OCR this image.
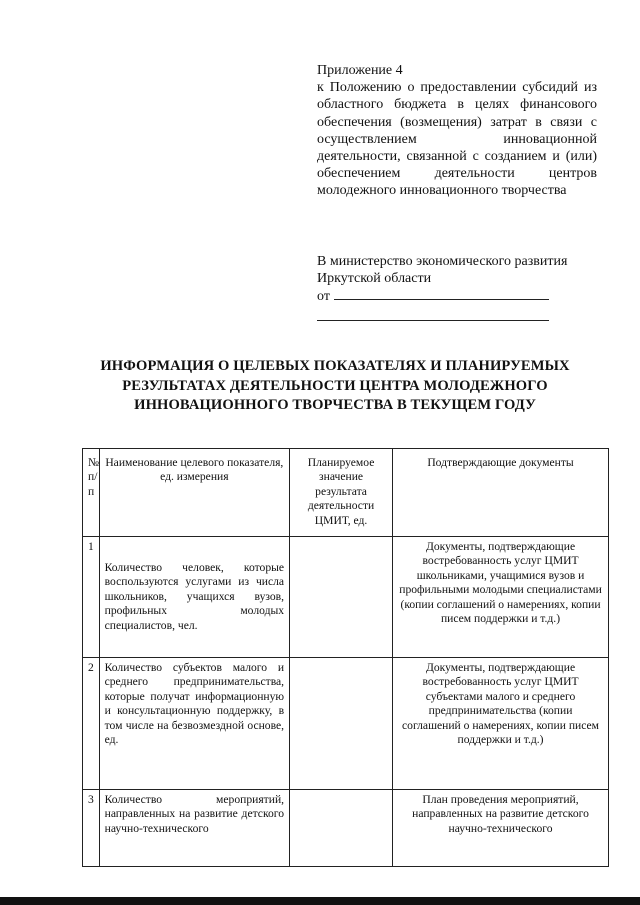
Приложение 4
к Положению о предоставлении субсидий из областного бюджета в целях финансового обеспечения (возмещения) затрат в связи с осуществлением инновационной деятельности, связанной с созданием и (или) обеспечением деятельности центров молодежного инновационного творчества
В министерство экономического развития
Иркутской области
от
ИНФОРМАЦИЯ О ЦЕЛЕВЫХ ПОКАЗАТЕЛЯХ И ПЛАНИРУЕМЫХ
РЕЗУЛЬТАТАХ ДЕЯТЕЛЬНОСТИ ЦЕНТРА МОЛОДЕЖНОГО
ИННОВАЦИОННОГО ТВОРЧЕСТВА В ТЕКУЩЕМ ГОДУ
№ п/п	Наименование целевого показателя, ед. измерения	Планируемое значение результата деятельности ЦМИТ, ед.	Подтверждающие документы
1	Количество человек, которые воспользуются услугами из числа школьников, учащихся вузов, профильных молодых специалистов, чел.		Документы, подтверждающие востребованность услуг ЦМИТ школьниками, учащимися вузов и профильными молодыми специалистами (копии соглашений о намерениях, копии писем поддержки и т.д.)
2	Количество субъектов малого и среднего предпринимательства, которые получат информационную и консультационную поддержку, в том числе на безвозмездной основе, ед.		Документы, подтверждающие востребованность услуг ЦМИТ субъектами малого и среднего предпринимательства (копии соглашений о намерениях, копии писем поддержки и т.д.)
3	Количество мероприятий, направленных на развитие детского научно-технического		План проведения мероприятий, направленных на развитие детского научно-технического
